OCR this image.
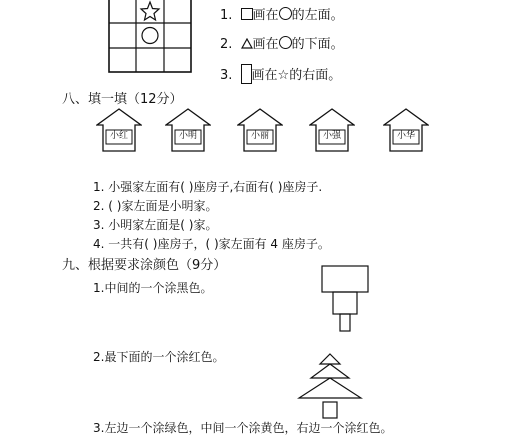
1. 画在 的左面。
2. 画在 的下面。
3. 画在☆的右面。
八、填一填（12分）
小红	小明	小丽	小强	小华
1. 小强家左面有( )座房子,右面有( )座房子.
2. ( )家左面是小明家。
3. 小明家左面是( )家。
4. 一共有( )座房子，( )家左面有 4 座房子。
九、根据要求涂颜色（9分）
1.中间的一个涂黑色。
2.最下面的一个涂红色。
3.左边一个涂绿色，中间一个涂黄色，右边一个涂红色。
